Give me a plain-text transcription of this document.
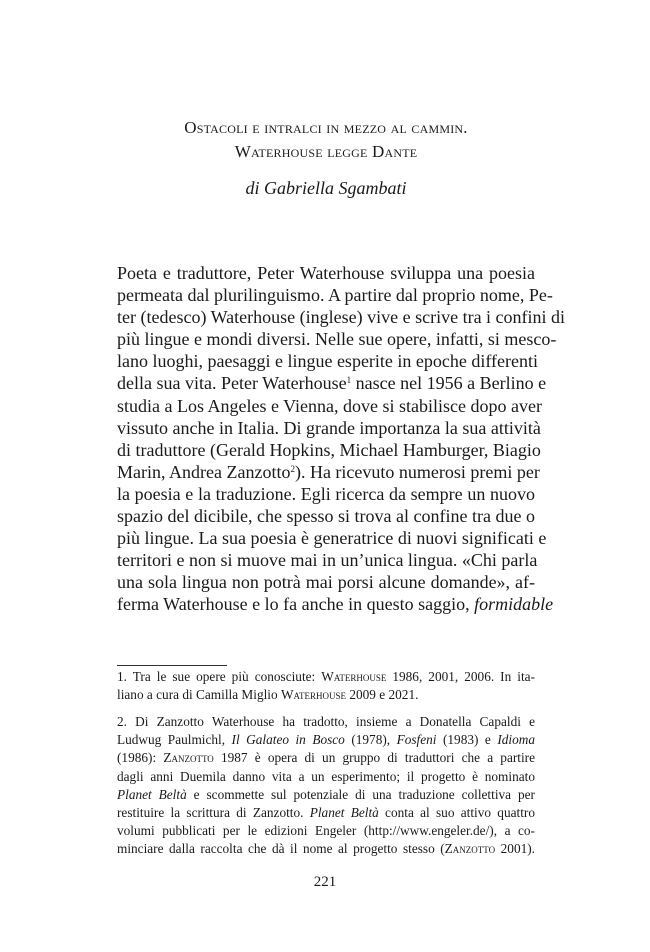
Ostacoli e intralci in mezzo al cammin.
Waterhouse legge Dante
di Gabriella Sgambati
Poeta e traduttore, Peter Waterhouse sviluppa una poesia
permeata dal plurilinguismo. A partire dal proprio nome, Pe-
ter (tedesco) Waterhouse (inglese) vive e scrive tra i confini di
più lingue e mondi diversi. Nelle sue opere, infatti, si mesco-
lano luoghi, paesaggi e lingue esperite in epoche differenti
della sua vita. Peter Waterhouse$^1$ nasce nel 1956 a Berlino e
studia a Los Angeles e Vienna, dove si stabilisce dopo aver
vissuto anche in Italia. Di grande importanza la sua attività
di traduttore (Gerald Hopkins, Michael Hamburger, Biagio
Marin, Andrea Zanzotto$^2$). Ha ricevuto numerosi premi per
la poesia e la traduzione. Egli ricerca da sempre un nuovo
spazio del dicibile, che spesso si trova al confine tra due o
più lingue. La sua poesia è generatrice di nuovi significati e
territori e non si muove mai in un’unica lingua. «Chi parla
una sola lingua non potrà mai porsi alcune domande», af-
ferma Waterhouse e lo fa anche in questo saggio, formidable
1. Tra le sue opere più conosciute: Waterhouse 1986, 2001, 2006. In ita-
liano a cura di Camilla Miglio Waterhouse 2009 e 2021.
2. Di Zanzotto Waterhouse ha tradotto, insieme a Donatella Capaldi e
Ludwug Paulmichl, Il Galateo in Bosco (1978), Fosfeni (1983) e Idioma
(1986): Zanzotto 1987 è opera di un gruppo di traduttori che a partire
dagli anni Duemila danno vita a un esperimento; il progetto è nominato
Planet Beltà e scommette sul potenziale di una traduzione collettiva per
restituire la scrittura di Zanzotto. Planet Beltà conta al suo attivo quattro
volumi pubblicati per le edizioni Engeler (http://www.engeler.de/), a co-
minciare dalla raccolta che dà il nome al progetto stesso (Zanzotto 2001).
221
